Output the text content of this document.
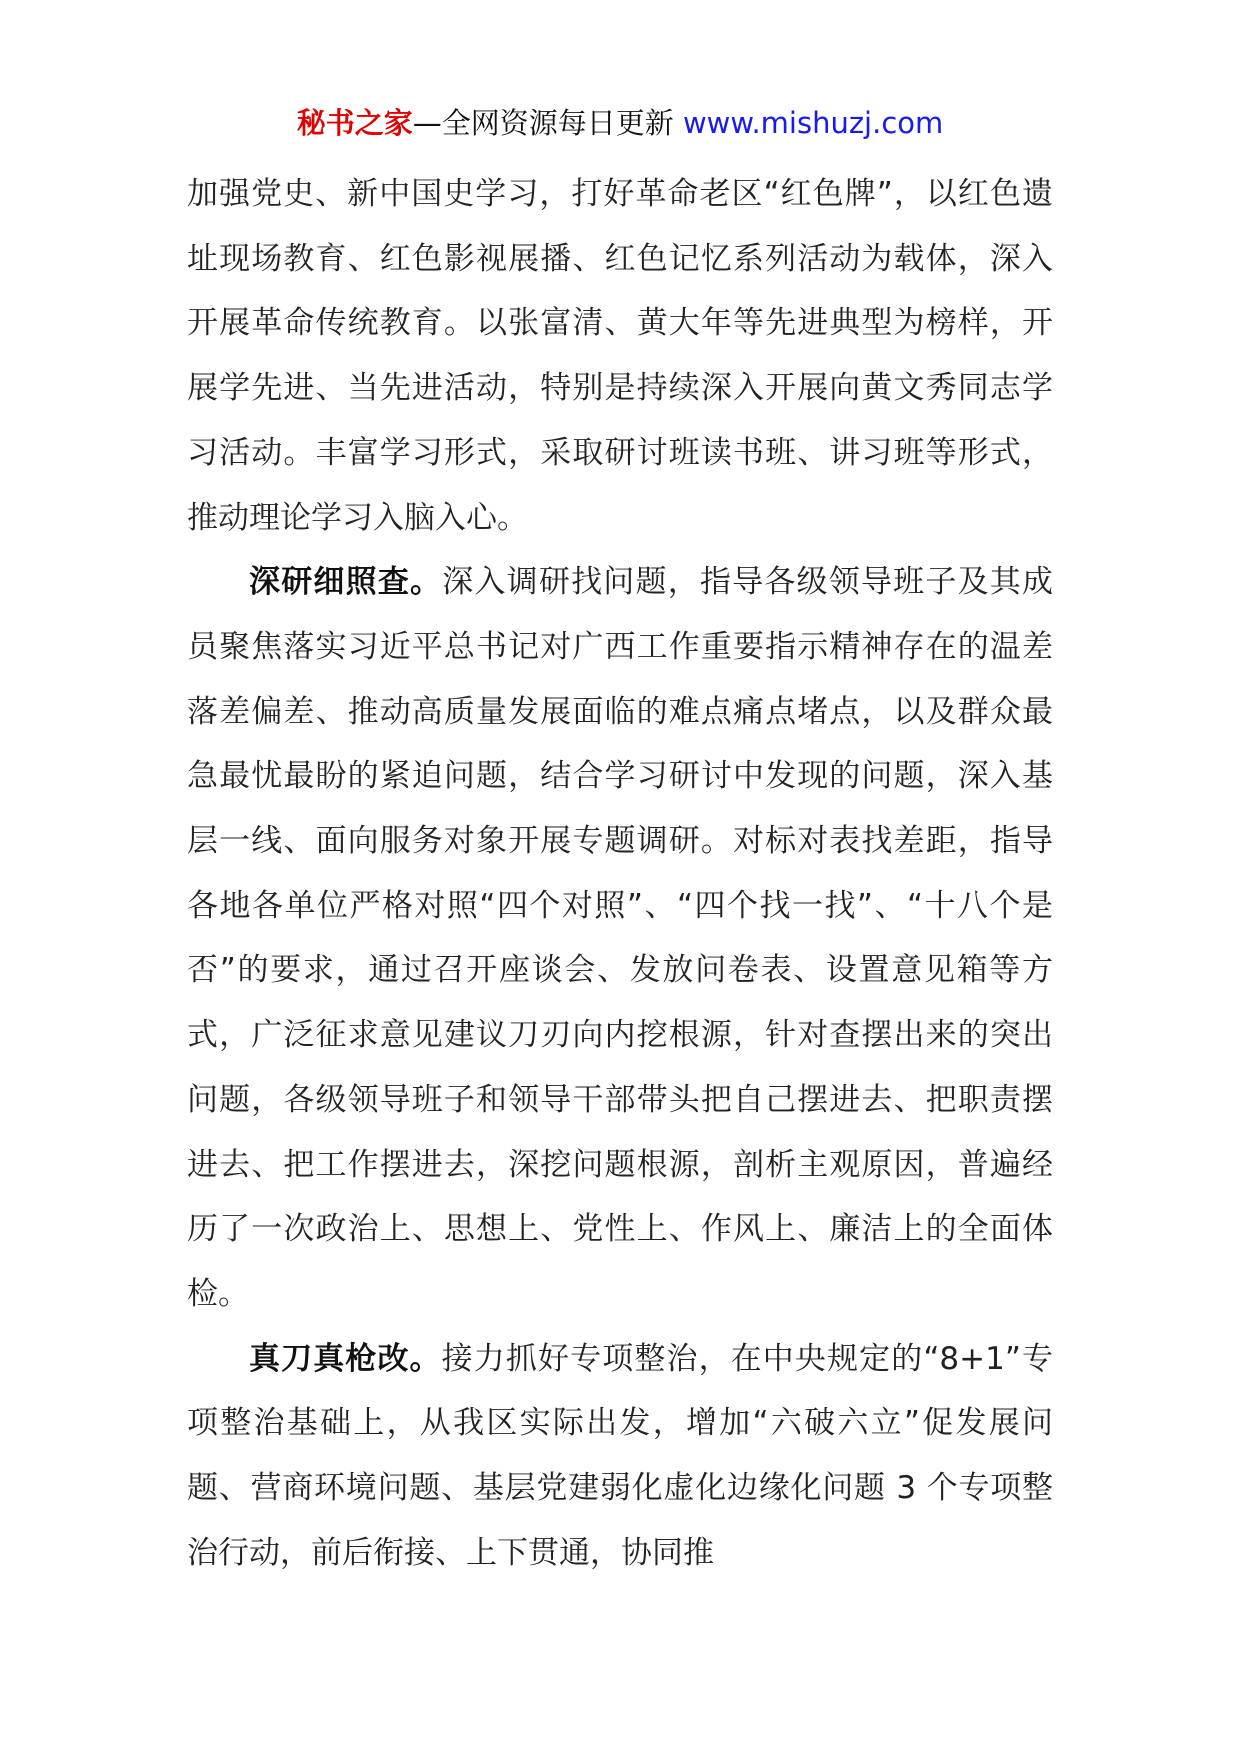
秘书之家—全网资源每日更新 www.mishuzj.com

加强党史、新中国史学习，打好革命老区“红色牌”，以红色遗址现场教育、红色影视展播、红色记忆系列活动为载体，深入开展革命传统教育。以张富清、黄大年等先进典型为榜样，开展学先进、当先进活动，特别是持续深入开展向黄文秀同志学习活动。丰富学习形式，采取研讨班读书班、讲习班等形式，推动理论学习入脑入心。

深研细照查。深入调研找问题，指导各级领导班子及其成员聚焦落实习近平总书记对广西工作重要指示精神存在的温差落差偏差、推动高质量发展面临的难点痛点堵点，以及群众最急最忧最盼的紧迫问题，结合学习研讨中发现的问题，深入基层一线、面向服务对象开展专题调研。对标对表找差距，指导各地各单位严格对照“四个对照”、“四个找一找”、“十八个是否”的要求，通过召开座谈会、发放问卷表、设置意见箱等方式，广泛征求意见建议刀刃向内挖根源，针对查摆出来的突出问题，各级领导班子和领导干部带头把自己摆进去、把职责摆进去、把工作摆进去，深挖问题根源，剖析主观原因，普遍经历了一次政治上、思想上、党性上、作风上、廉洁上的全面体检。

真刀真枪改。接力抓好专项整治，在中央规定的“8+1”专项整治基础上，从我区实际出发，增加“六破六立”促发展问题、营商环境问题、基层党建弱化虚化边缘化问题 3 个专项整治行动，前后衔接、上下贯通，协同推
